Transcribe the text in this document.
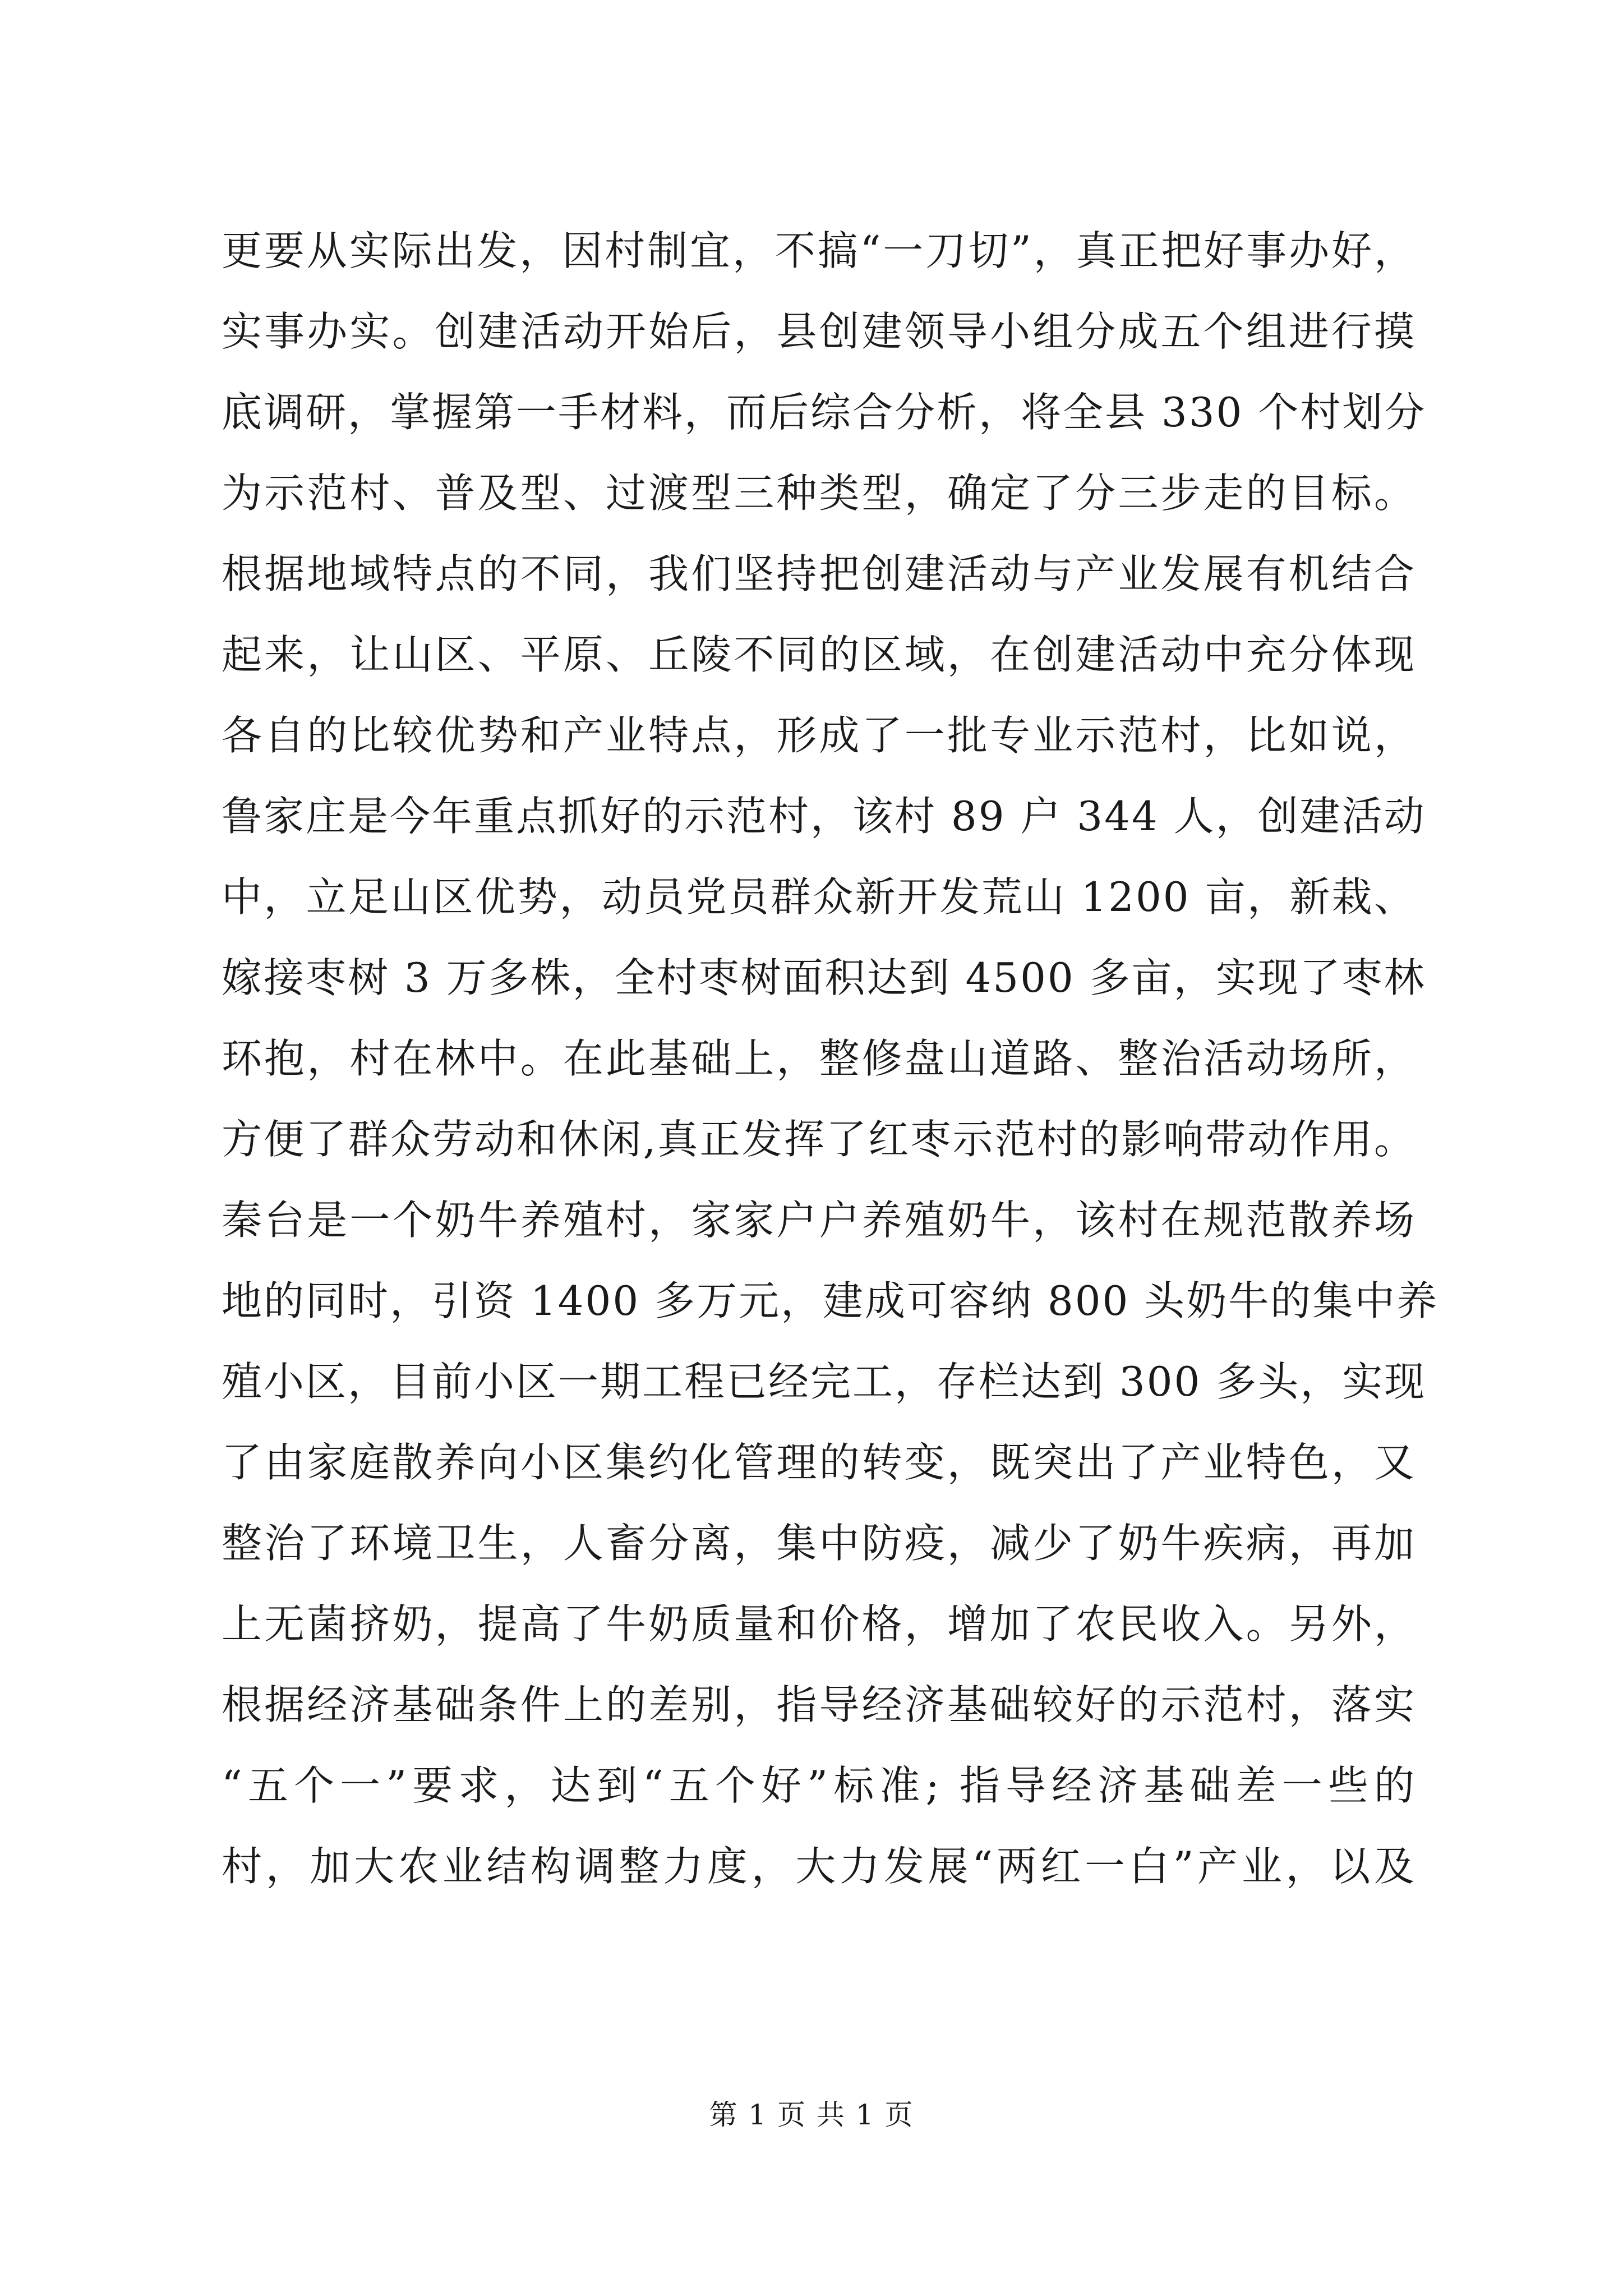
更要从实际出发，因村制宜，不搞“一刀切”，真正把好事办好，
实事办实。创建活动开始后，县创建领导小组分成五个组进行摸
底调研，掌握第一手材料，而后综合分析，将全县 330 个村划分
为示范村、普及型、过渡型三种类型，确定了分三步走的目标。
根据地域特点的不同，我们坚持把创建活动与产业发展有机结合
起来，让山区、平原、丘陵不同的区域，在创建活动中充分体现
各自的比较优势和产业特点，形成了一批专业示范村，比如说，
鲁家庄是今年重点抓好的示范村，该村 89 户 344 人，创建活动
中，立足山区优势，动员党员群众新开发荒山 1200 亩，新栽、
嫁接枣树 3 万多株，全村枣树面积达到 4500 多亩，实现了枣林
环抱，村在林中。在此基础上，整修盘山道路、整治活动场所，
方便了群众劳动和休闲,真正发挥了红枣示范村的影响带动作用。
秦台是一个奶牛养殖村，家家户户养殖奶牛，该村在规范散养场
地的同时，引资 1400 多万元，建成可容纳 800 头奶牛的集中养
殖小区，目前小区一期工程已经完工，存栏达到 300 多头，实现
了由家庭散养向小区集约化管理的转变，既突出了产业特色，又
整治了环境卫生，人畜分离，集中防疫，减少了奶牛疾病，再加
上无菌挤奶，提高了牛奶质量和价格，增加了农民收入。另外，
根据经济基础条件上的差别，指导经济基础较好的示范村，落实
“五个一”要求，达到“五个好”标准; 指导经济基础差一些的
村，加大农业结构调整力度，大力发展“两红一白”产业，以及
第 1 页 共 1 页
